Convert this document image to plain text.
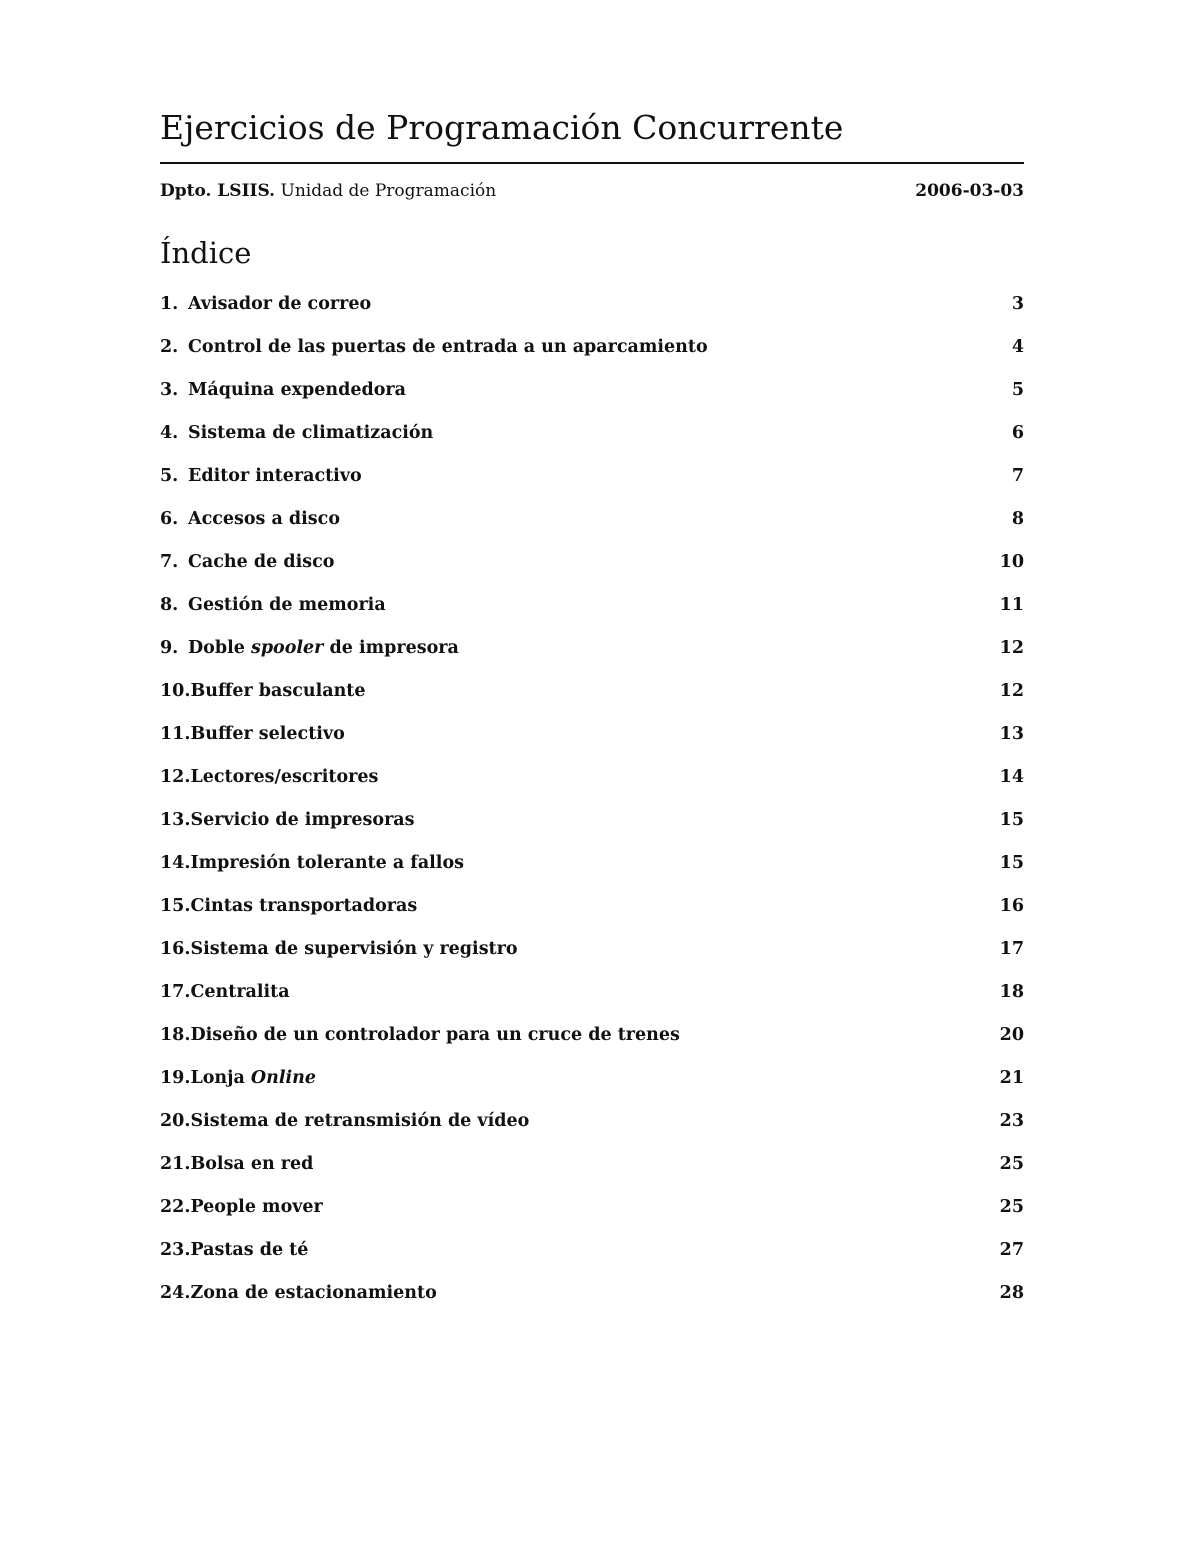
Ejercicios de Programación Concurrente
Dpto. LSIIS. Unidad de Programación	2006-03-03
Índice
1. Avisador de correo	3
2. Control de las puertas de entrada a un aparcamiento	4
3. Máquina expendedora	5
4. Sistema de climatización	6
5. Editor interactivo	7
6. Accesos a disco	8
7. Cache de disco	10
8. Gestión de memoria	11
9. Doble spooler de impresora	12
10. Buffer basculante	12
11. Buffer selectivo	13
12. Lectores/escritores	14
13. Servicio de impresoras	15
14. Impresión tolerante a fallos	15
15. Cintas transportadoras	16
16. Sistema de supervisión y registro	17
17. Centralita	18
18. Diseño de un controlador para un cruce de trenes	20
19. Lonja Online	21
20. Sistema de retransmisión de vídeo	23
21. Bolsa en red	25
22. People mover	25
23. Pastas de té	27
24. Zona de estacionamiento	28
